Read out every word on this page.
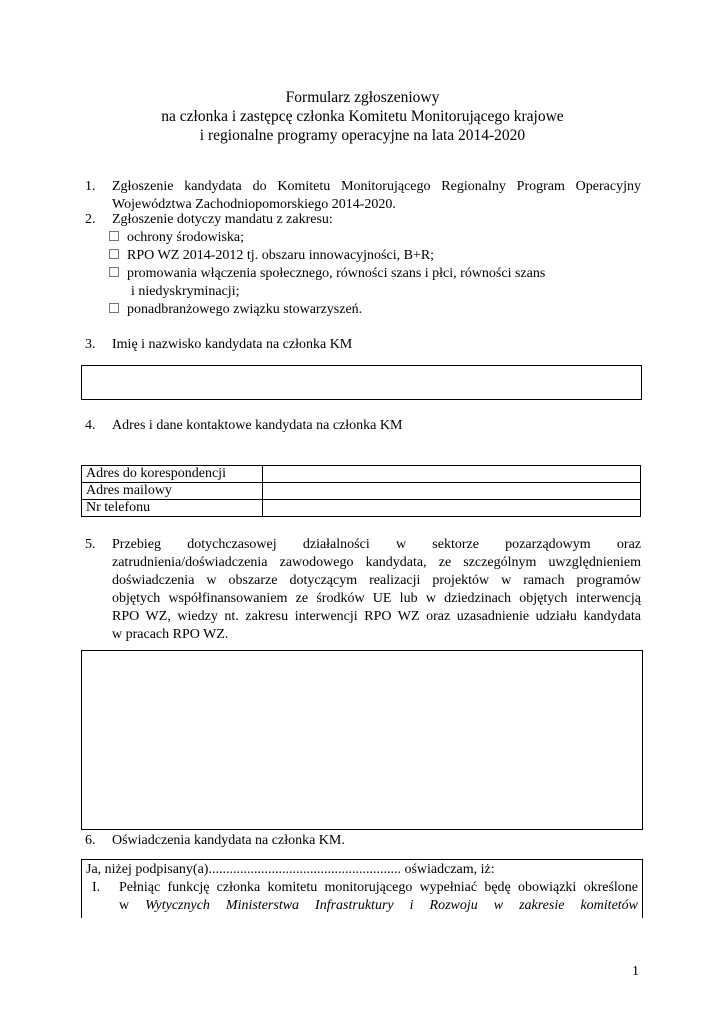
Formularz zgłoszeniowy
na członka i zastępcę członka Komitetu Monitorującego krajowe
i regionalne programy operacyjne na lata 2014-2020
1.	Zgłoszenie kandydata do Komitetu Monitorującego Regionalny Program Operacyjny Województwa Zachodniopomorskiego 2014-2020.
2.	Zgłoszenie dotyczy mandatu z zakresu:
ochrony środowiska;
RPO WZ 2014-2012 tj. obszaru innowacyjności, B+R;
promowania włączenia społecznego, równości szans i płci, równości szans
i niedyskryminacji;
ponadbranżowego związku stowarzyszeń.
3.	Imię i nazwisko kandydata na członka KM
4.	Adres i dane kontaktowe kandydata na członka KM
Adres do korespondencji	
Adres mailowy	
Nr telefonu	
5.	Przebieg dotychczasowej działalności w sektorze pozarządowym oraz
zatrudnienia/doświadczenia zawodowego kandydata, ze szczególnym uwzględnieniem
doświadczenia w obszarze dotyczącym realizacji projektów w ramach programów
objętych współfinansowaniem ze środków UE lub w dziedzinach objętych interwencją
RPO WZ, wiedzy nt. zakresu interwencji RPO WZ oraz uzasadnienie udziału kandydata
w pracach RPO WZ.
6.	Oświadczenia kandydata na członka KM.
Ja, niżej podpisany(a)....................................................... oświadczam, iż:
I. Pełniąc funkcję członka komitetu monitorującego wypełniać będę obowiązki określone
w Wytycznych Ministerstwa Infrastruktury i Rozwoju w zakresie komitetów
1
